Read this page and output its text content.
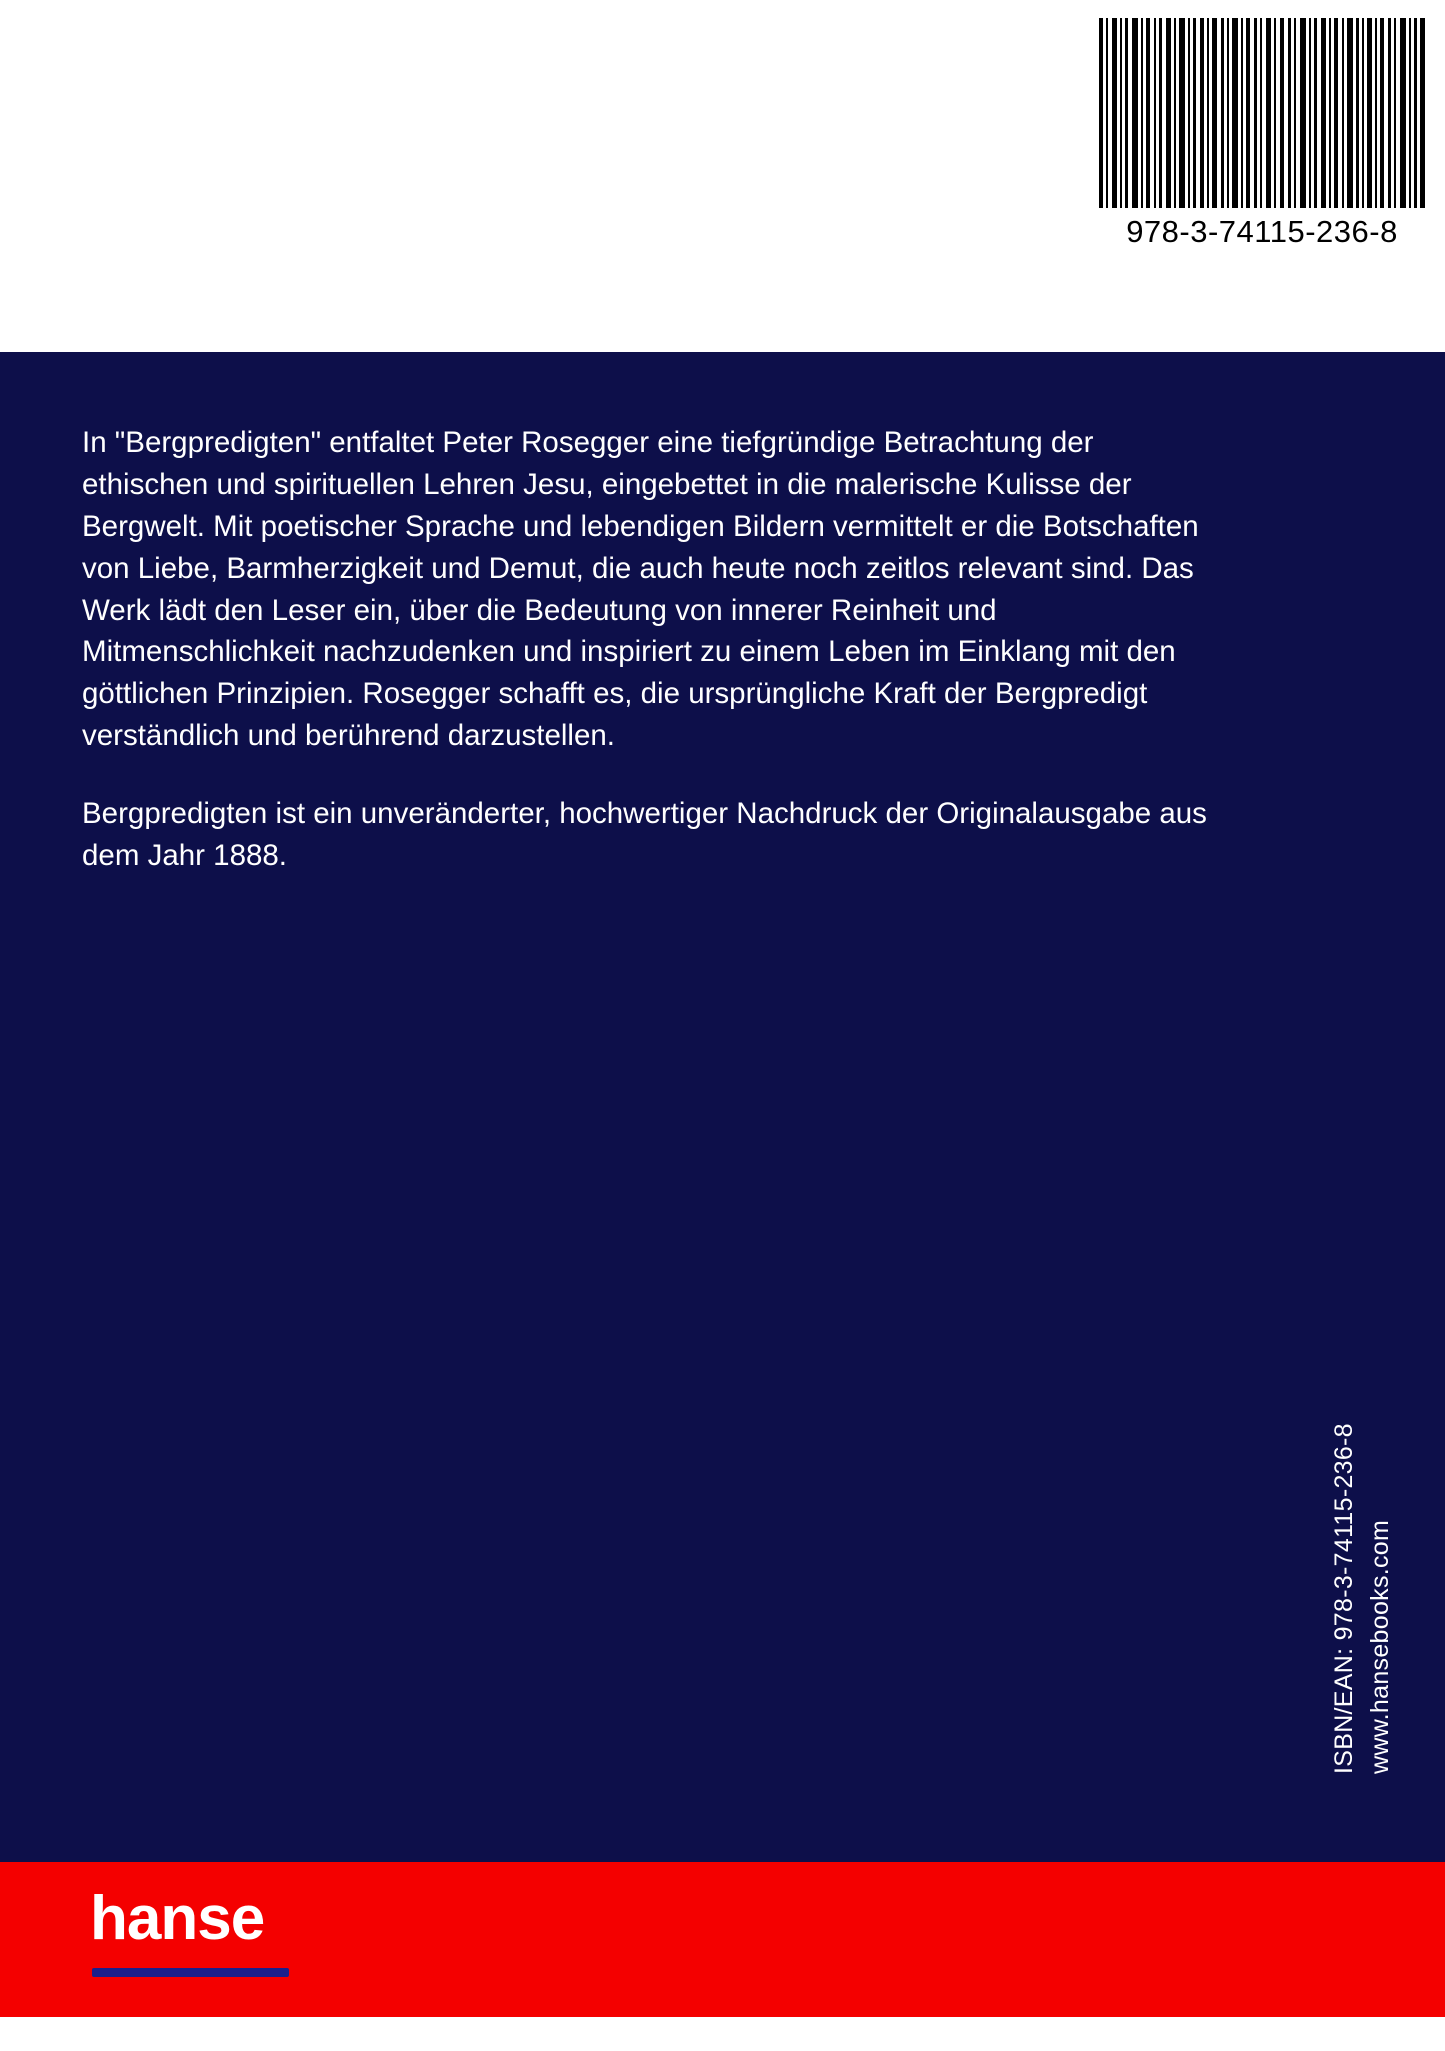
978-3-74115-236-8

In "Bergpredigten" entfaltet Peter Rosegger eine tiefgründige Betrachtung der ethischen und spirituellen Lehren Jesu, eingebettet in die malerische Kulisse der Bergwelt. Mit poetischer Sprache und lebendigen Bildern vermittelt er die Botschaften von Liebe, Barmherzigkeit und Demut, die auch heute noch zeitlos relevant sind. Das Werk lädt den Leser ein, über die Bedeutung von innerer Reinheit und Mitmenschlichkeit nachzudenken und inspiriert zu einem Leben im Einklang mit den göttlichen Prinzipien. Rosegger schafft es, die ursprüngliche Kraft der Bergpredigt verständlich und berührend darzustellen.

Bergpredigten ist ein unveränderter, hochwertiger Nachdruck der Originalausgabe aus dem Jahr 1888.

ISBN/EAN: 978-3-74115-236-8 www.hansebooks.com
hanse
